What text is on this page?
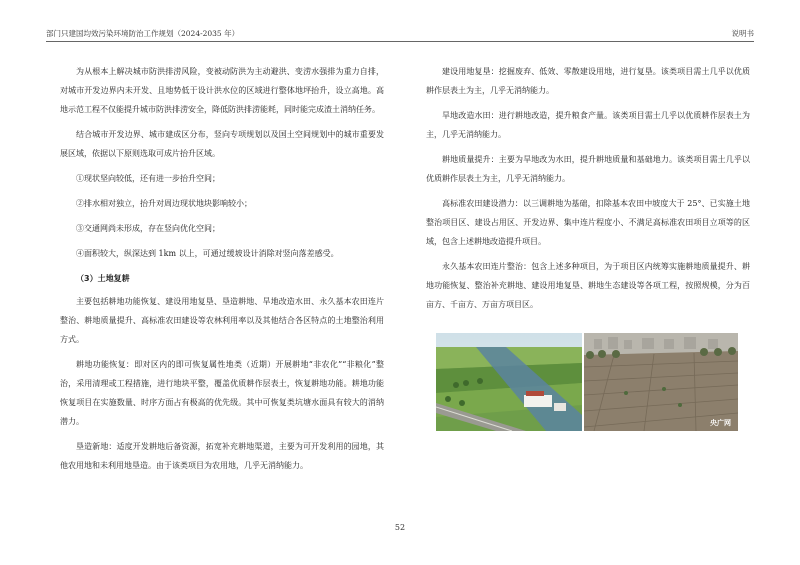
部门只建国均效污染环境防治工作规划（2024-2035 年）	说明书

为从根本上解决城市防洪排涝风险，变被动防洪为主动避洪、变涝水强排为重力自排，对城市开发边界内未开发、且地势低于设计洪水位的区域进行整体地坪抬升，设立高地。高地示范工程不仅能提升城市防洪排涝安全，降低防洪排涝能耗，同时能完成渣土消纳任务。

结合城市开发边界、城市建成区分布，竖向专项规划以及国土空间规划中的城市重要发展区域，依据以下原则选取可成片抬升区域。

①现状坚向较低，还有进一步抬升空间；

②排水相对独立，抬升对周边现状地块影响较小；

③交通网尚未形成，存在竖向优化空间；

④面积较大，纵深达到 1km 以上，可通过缓坡设计消除对竖向落差感受。

（3）土地复耕

主要包括耕地功能恢复、建设用地复垦、垦造耕地、旱地改造水田、永久基本农田连片整治、耕地质量提升、高标准农田建设等农林利用率以及其他结合各区特点的土地整治利用方式。

耕地功能恢复：即对区内的即可恢复属性地类（近期）开展耕地“非农化”“非粮化”整治，采用清理或工程措施，进行地块平整，覆盖优质耕作层表土，恢复耕地功能。耕地功能恢复项目在实施数量、时序方面占有极高的优先级。其中可恢复类坑塘水面具有较大的消纳潜力。

垦造新地：适度开发耕地后备资源，拓宽补充耕地渠道，主要为可开发利用的园地，其他农用地和未利用地垦造。由于该类项目为农用地，几乎无消纳能力。

建设用地复垦：挖掘废弃、低效、零散建设用地，进行复垦。该类项目需土几乎以优质耕作层表土为主，几乎无消纳能力。

旱地改造水田：进行耕地改造，提升粮食产量。该类项目需土几乎以优质耕作层表土为主，几乎无消纳能力。

耕地质量提升：主要为旱地改为水田，提升耕地质量和基础地力。该类项目需土几乎以优质耕作层表土为主，几乎无消纳能力。

高标准农田建设潜力：以三调耕地为基础，扣除基本农田中坡度大于 25°、已实施土地整治项目区、建设占用区、开发边界、集中连片程度小、不满足高标准农田项目立项等的区域，包含上述耕地改造提升项目。

永久基本农田连片整治：包含上述多种项目，为于项目区内统筹实施耕地质量提升、耕地功能恢复、整治补充耕地、建设用地复垦、耕地生态建设等各项工程，按照规模，分为百亩方、千亩方、万亩方项目区。

央广网
52
